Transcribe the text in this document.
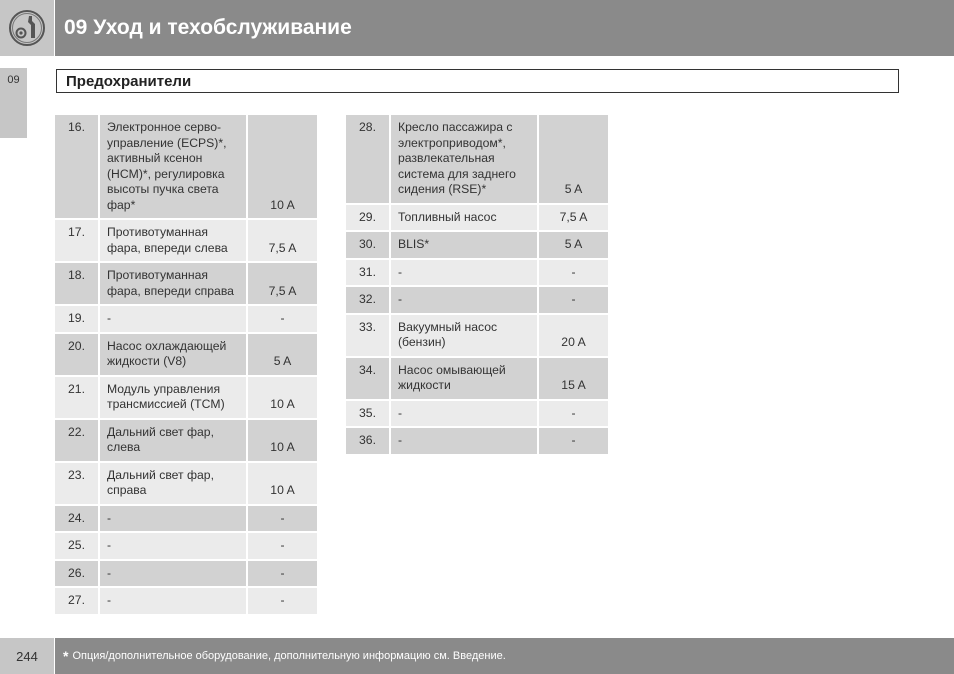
09 Уход и техобслуживание
09	Предохранители
16.	Электронное серво-управление (ECPS)*, активный ксенон (HCM)*, регулировка высоты пучка света фар*	10 A
17.	Противотуманная фара, впереди слева	7,5 A
18.	Противотуманная фара, впереди справа	7,5 A
19.	-	-
20.	Насос охлаждающей жидкости (V8)	5 A
21.	Модуль управления трансмиссией (TCM)	10 A
22.	Дальний свет фар, слева	10 A
23.	Дальний свет фар, справа	10 A
24.	-	-
25.	-	-
26.	-	-
27.	-	-
28.	Кресло пассажира с электроприводом*, развлекательная система для заднего сидения (RSE)*	5 A
29.	Топливный насос	7,5 A
30.	BLIS*	5 A
31.	-	-
32.	-	-
33.	Вакуумный насос (бензин)	20 A
34.	Насос омывающей жидкости	15 A
35.	-	-
36.	-	-
244 * Опция/дополнительное оборудование, дополнительную информацию см. Введение.
